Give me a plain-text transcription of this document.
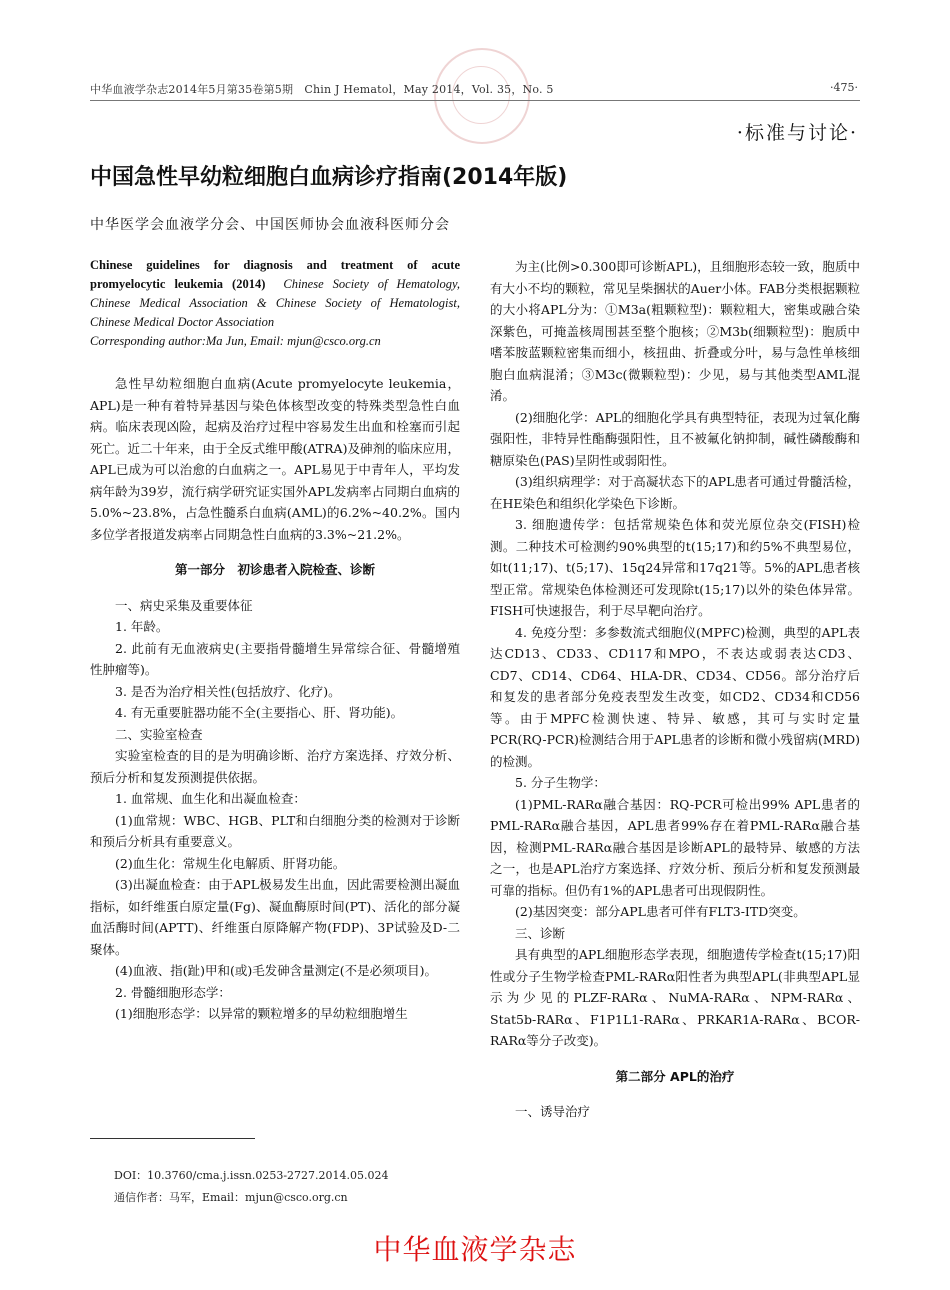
中华血液学杂志2014年5月第35卷第5期　Chin J Hematol，May 2014，Vol. 35，No. 5	·475·
·标准与讨论·
中国急性早幼粒细胞白血病诊疗指南(2014年版)
中华医学会血液学分会、中国医师协会血液科医师分会
Chinese guidelines for diagnosis and treatment of acute promyelocytic leukemia (2014) Chinese Society of Hematology, Chinese Medical Association & Chinese Society of Hematologist, Chinese Medical Doctor Association
Corresponding author:Ma Jun, Email: mjun@csco.org.cn

急性早幼粒细胞白血病(Acute promyelocyte leukemia，APL)是一种有着特异基因与染色体核型改变的特殊类型急性白血病。临床表现凶险，起病及治疗过程中容易发生出血和栓塞而引起死亡。近二十年来，由于全反式维甲酸(ATRA)及砷剂的临床应用，APL已成为可以治愈的白血病之一。APL易见于中青年人，平均发病年龄为39岁，流行病学研究证实国外APL发病率占同期白血病的5.0%~23.8%，占急性髓系白血病(AML)的6.2%~40.2%。国内多位学者报道发病率占同期急性白血病的3.3%~21.2%。

第一部分　初诊患者入院检查、诊断

一、病史采集及重要体征

1. 年龄。

2. 此前有无血液病史(主要指骨髓增生异常综合征、骨髓增殖性肿瘤等)。

3. 是否为治疗相关性(包括放疗、化疗)。

4. 有无重要脏器功能不全(主要指心、肝、肾功能)。

二、实验室检查

实验室检查的目的是为明确诊断、治疗方案选择、疗效分析、预后分析和复发预测提供依据。

1. 血常规、血生化和出凝血检查：

(1)血常规：WBC、HGB、PLT和白细胞分类的检测对于诊断和预后分析具有重要意义。

(2)血生化：常规生化电解质、肝肾功能。

(3)出凝血检查：由于APL极易发生出血，因此需要检测出凝血指标，如纤维蛋白原定量(Fg)、凝血酶原时间(PT)、活化的部分凝血活酶时间(APTT)、纤维蛋白原降解产物(FDP)、3P试验及D-二聚体。

(4)血液、指(趾)甲和(或)毛发砷含量测定(不是必须项目)。

2. 骨髓细胞形态学：

(1)细胞形态学：以异常的颗粒增多的早幼粒细胞增生

为主(比例>0.300即可诊断APL)，且细胞形态较一致，胞质中有大小不均的颗粒，常见呈柴捆状的Auer小体。FAB分类根据颗粒的大小将APL分为：①M3a(粗颗粒型)：颗粒粗大，密集或融合染深紫色，可掩盖核周围甚至整个胞核；②M3b(细颗粒型)：胞质中嗜苯胺蓝颗粒密集而细小，核扭曲、折叠或分叶，易与急性单核细胞白血病混淆；③M3c(微颗粒型)：少见，易与其他类型AML混淆。

(2)细胞化学：APL的细胞化学具有典型特征，表现为过氧化酶强阳性，非特异性酯酶强阳性，且不被氟化钠抑制，碱性磷酸酶和糖原染色(PAS)呈阴性或弱阳性。

(3)组织病理学：对于高凝状态下的APL患者可通过骨髓活检，在HE染色和组织化学染色下诊断。

3. 细胞遗传学：包括常规染色体和荧光原位杂交(FISH)检测。二种技术可检测约90%典型的t(15;17)和约5%不典型易位，如t(11;17)、t(5;17)、15q24异常和17q21等。5%的APL患者核型正常。常规染色体检测还可发现除t(15;17)以外的染色体异常。FISH可快速报告，利于尽早靶向治疗。

4. 免疫分型：多参数流式细胞仪(MPFC)检测，典型的APL表达CD13、CD33、CD117和MPO，不表达或弱表达CD3、CD7、CD14、CD64、HLA-DR、CD34、CD56。部分治疗后和复发的患者部分免疫表型发生改变，如CD2、CD34和CD56等。由于MPFC检测快速、特异、敏感，其可与实时定量PCR(RQ-PCR)检测结合用于APL患者的诊断和微小残留病(MRD)的检测。

5. 分子生物学：

(1)PML-RARα融合基因：RQ-PCR可检出99% APL患者的PML-RARα融合基因，APL患者99%存在着PML-RARα融合基因，检测PML-RARα融合基因是诊断APL的最特异、敏感的方法之一，也是APL治疗方案选择、疗效分析、预后分析和复发预测最可靠的指标。但仍有1%的APL患者可出现假阴性。

(2)基因突变：部分APL患者可伴有FLT3-ITD突变。

三、诊断

具有典型的APL细胞形态学表现，细胞遗传学检查t(15;17)阳性或分子生物学检查PML-RARα阳性者为典型APL(非典型APL显示为少见的PLZF-RARα、NuMA-RARα、NPM-RARα、Stat5b-RARα、F1P1L1-RARα、PRKAR1A-RARα、BCOR-RARα等分子改变)。

第二部分 APL的治疗

一、诱导治疗

DOI：10.3760/cma.j.issn.0253-2727.2014.05.024
通信作者：马军，Email：mjun@csco.org.cn
中华血液学杂志
